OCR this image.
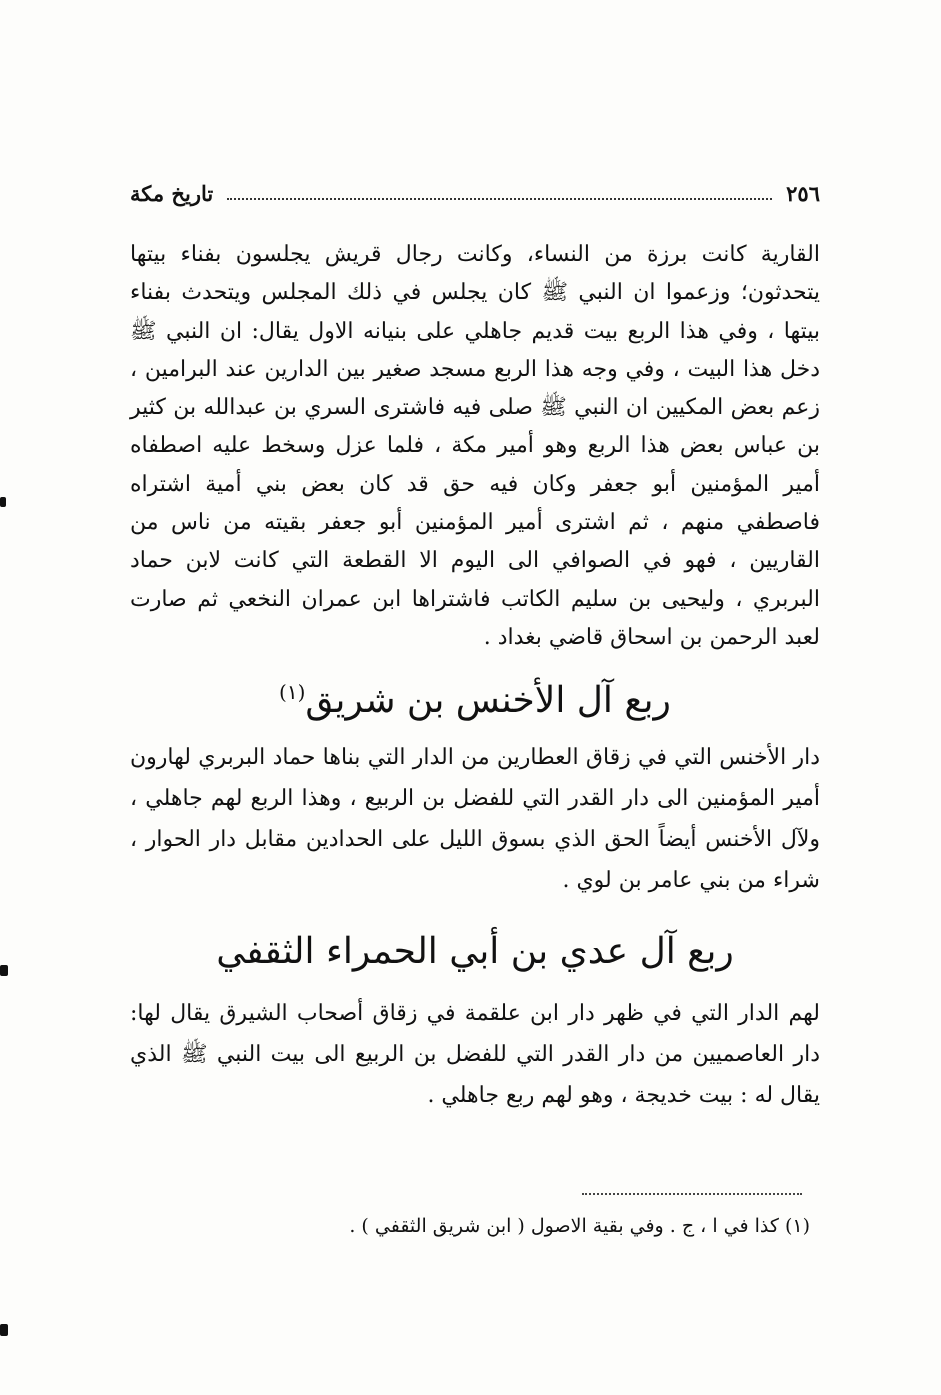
٢٥٦
تاريخ مكة

القارية كانت برزة من النساء، وكانت رجال قريش يجلسون بفناء بيتها يتحدثون؛ وزعموا ان النبي ﷺ كان يجلس في ذلك المجلس ويتحدث بفناء بيتها ، وفي هذا الربع بيت قديم جاهلي على بنيانه الاول يقال: ان النبي ﷺ دخل هذا البيت ، وفي وجه هذا الربع مسجد صغير بين الدارين عند البرامين ، زعم بعض المكيين ان النبي ﷺ صلى فيه فاشترى السري بن عبدالله بن كثير بن عباس بعض هذا الربع وهو أمير مكة ، فلما عزل وسخط عليه اصطفاه أمير المؤمنين أبو جعفر وكان فيه حق قد كان بعض بني أمية اشتراه فاصطفي منهم ، ثم اشترى أمير المؤمنين أبو جعفر بقيته من ناس من القاريين ، فهو في الصوافي الى اليوم الا القطعة التي كانت لابن حماد البربري ، وليحيى بن سليم الكاتب فاشتراها ابن عمران النخعي ثم صارت لعبد الرحمن بن اسحاق قاضي بغداد .

ربع آل الأخنس بن شريق$^{(١)}$

دار الأخنس التي في زقاق العطارين من الدار التي بناها حماد البربري لهارون أمير المؤمنين الى دار القدر التي للفضل بن الربيع ، وهذا الربع لهم جاهلي ، ولآل الأخنس أيضاً الحق الذي بسوق الليل على الحدادين مقابل دار الحوار ، شراء من بني عامر بن لوي .

ربع آل عدي بن أبي الحمراء الثقفي

لهم الدار التي في ظهر دار ابن علقمة في زقاق أصحاب الشيرق يقال لها: دار العاصميين من دار القدر التي للفضل بن الربيع الى بيت النبي ﷺ الذي يقال له : بيت خديجة ، وهو لهم ربع جاهلي .

(١) كذا في ا ، ج . وفي بقية الاصول ( ابن شريق الثقفي ) .
